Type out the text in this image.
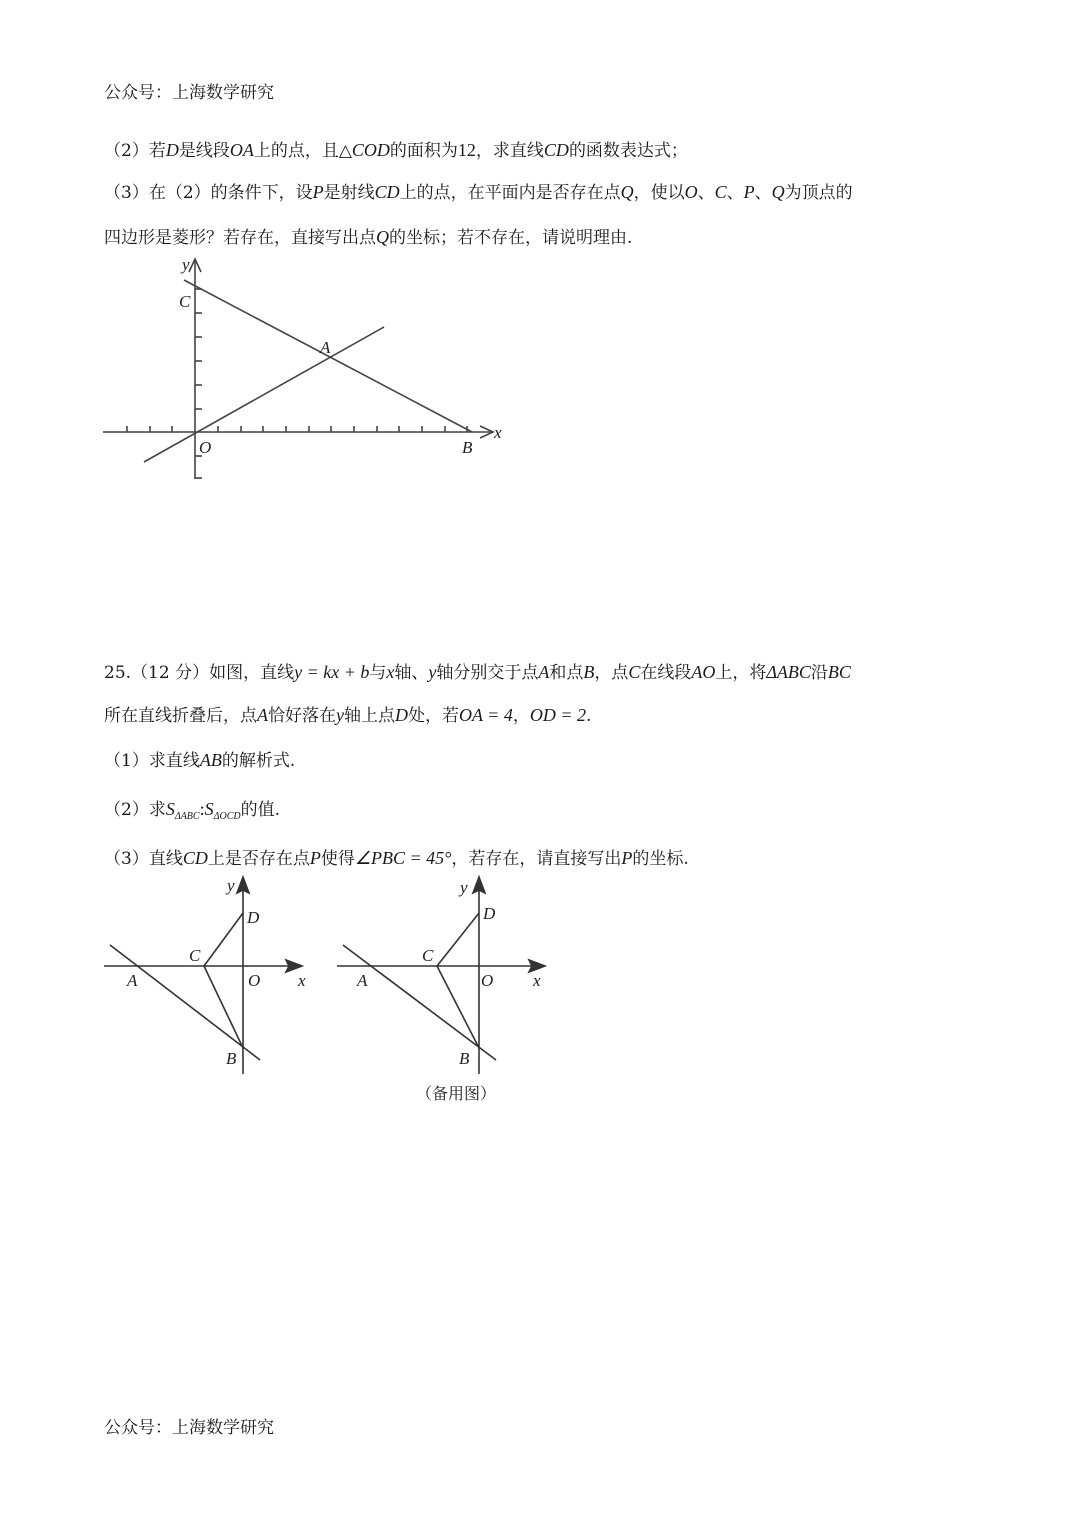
公众号：上海数学研究
（2）若D是线段OA上的点，且△COD的面积为12，求直线CD的函数表达式；
（3）在（2）的条件下，设P是射线CD上的点，在平面内是否存在点Q，使以O、C、P、Q为顶点的
四边形是菱形？若存在，直接写出点Q的坐标；若不存在，请说明理由.
y
x
C
A
O	B
25.（12 分）如图，直线y = kx + b与x轴、y轴分别交于点A和点B，点C在线段AO上，将ΔABC沿BC
所在直线折叠后，点A恰好落在y轴上点D处，若OA = 4，OD = 2.
（1）求直线AB的解析式.
（2）求$S_{\Delta ABC}:S_{\Delta OCD}$的值.
（3）直线CD上是否存在点P使得∠PBC = 45°，若存在，请直接写出P的坐标.
y
x
D
C
O
A
B
y
x
D
C
O
A
B
（备用图）
公众号：上海数学研究
